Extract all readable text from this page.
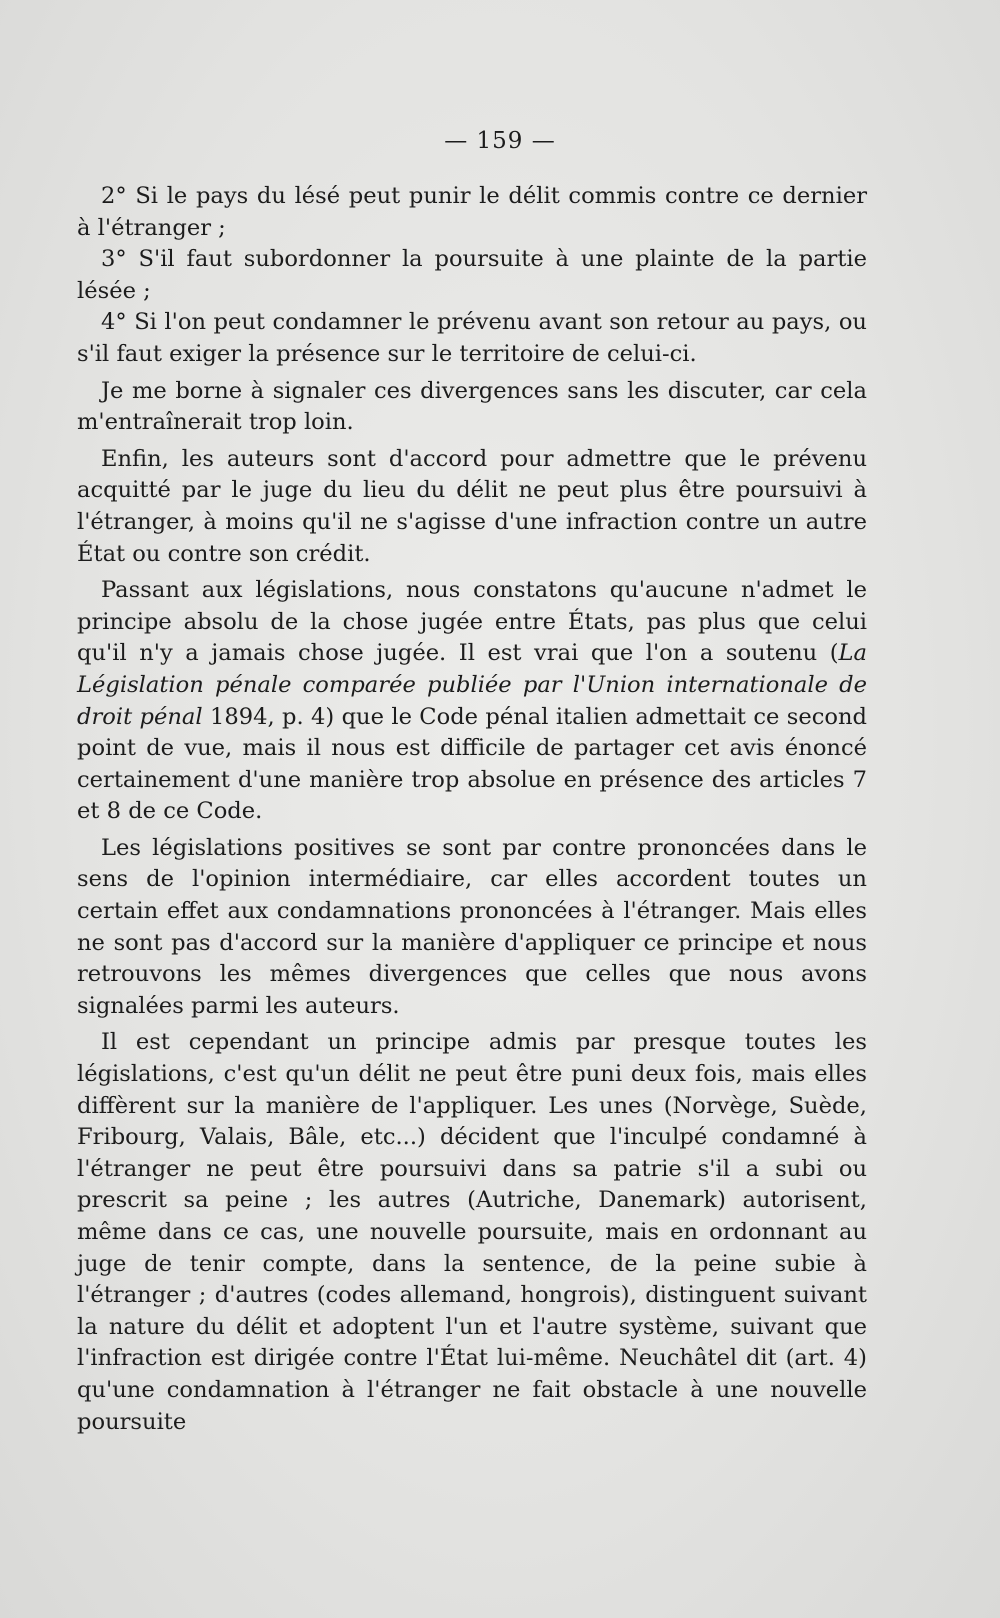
— 159 —

2° Si le pays du lésé peut punir le délit commis contre ce dernier à l'étranger ;

3° S'il faut subordonner la poursuite à une plainte de la partie lésée ;

4° Si l'on peut condamner le prévenu avant son retour au pays, ou s'il faut exiger la présence sur le territoire de celui-ci.

Je me borne à signaler ces divergences sans les discuter, car cela m'entraînerait trop loin.

Enfin, les auteurs sont d'accord pour admettre que le prévenu acquitté par le juge du lieu du délit ne peut plus être poursuivi à l'étranger, à moins qu'il ne s'agisse d'une infraction contre un autre État ou contre son crédit.

Passant aux législations, nous constatons qu'aucune n'admet le principe absolu de la chose jugée entre États, pas plus que celui qu'il n'y a jamais chose jugée. Il est vrai que l'on a soutenu (La Législation pénale comparée publiée par l'Union internationale de droit pénal 1894, p. 4) que le Code pénal italien admettait ce second point de vue, mais il nous est difficile de partager cet avis énoncé certainement d'une manière trop absolue en présence des articles 7 et 8 de ce Code.

Les législations positives se sont par contre prononcées dans le sens de l'opinion intermédiaire, car elles accordent toutes un certain effet aux condamnations prononcées à l'étranger. Mais elles ne sont pas d'accord sur la manière d'appliquer ce principe et nous retrouvons les mêmes divergences que celles que nous avons signalées parmi les auteurs.

Il est cependant un principe admis par presque toutes les législations, c'est qu'un délit ne peut être puni deux fois, mais elles diffèrent sur la manière de l'appliquer. Les unes (Norvège, Suède, Fribourg, Valais, Bâle, etc...) décident que l'inculpé condamné à l'étranger ne peut être poursuivi dans sa patrie s'il a subi ou prescrit sa peine ; les autres (Autriche, Danemark) autorisent, même dans ce cas, une nouvelle poursuite, mais en ordonnant au juge de tenir compte, dans la sentence, de la peine subie à l'étranger ; d'autres (codes allemand, hongrois), distinguent suivant la nature du délit et adoptent l'un et l'autre système, suivant que l'infraction est dirigée contre l'État lui-même. Neuchâtel dit (art. 4) qu'une condamnation à l'étranger ne fait obstacle à une nouvelle poursuite
